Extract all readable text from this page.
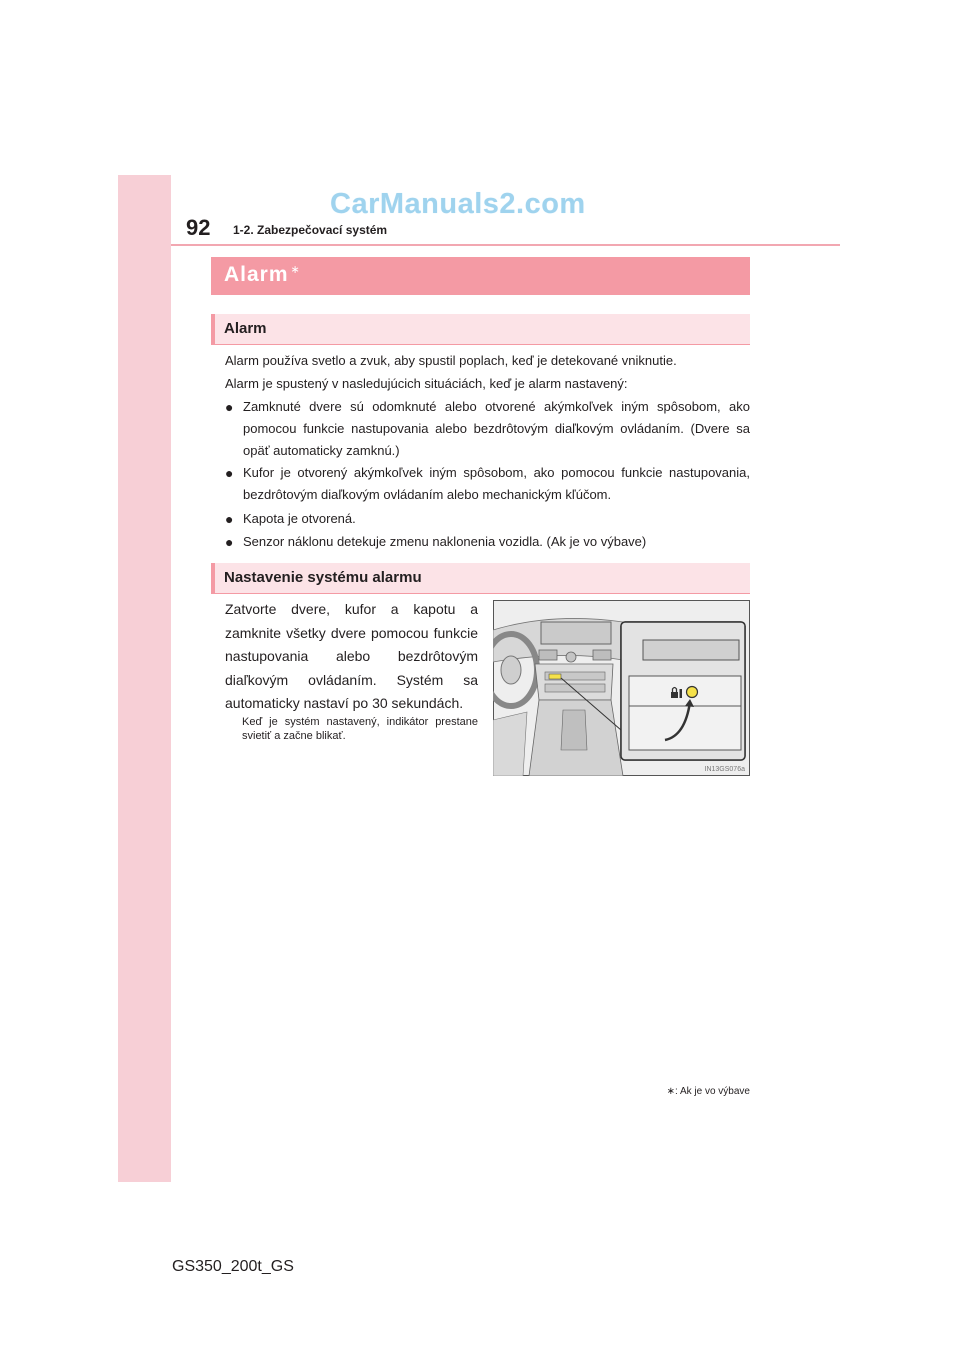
92 1-2. Zabezpečovací systém
CarManuals2.com
Alarm ∗
Alarm
Alarm používa svetlo a zvuk, aby spustil poplach, keď je detekované vniknutie.
Alarm je spustený v nasledujúcich situáciách, keď je alarm nastavený:
● Zamknuté dvere sú odomknuté alebo otvorené akýmkoľvek iným spôsobom, ako pomocou funkcie nastupovania alebo bezdrôtovým diaľkovým ovládaním. (Dvere sa opäť automaticky zamknú.)
● Kufor je otvorený akýmkoľvek iným spôsobom, ako pomocou funkcie nastupovania, bezdrôtovým diaľkovým ovládaním alebo mechanickým kľúčom.
● Kapota je otvorená.
● Senzor náklonu detekuje zmenu naklonenia vozidla. (Ak je vo výbave)
Nastavenie systému alarmu
Zatvorte dvere, kufor a kapotu a zamknite všetky dvere pomocou funkcie nastupovania alebo bezdrôtovým diaľkovým ovládaním. Systém sa automaticky nastaví po 30 sekundách.
Keď je systém nastavený, indikátor prestane svietiť a začne blikať.
IN13GS076a
∗: Ak je vo výbave
GS350_200t_GS
